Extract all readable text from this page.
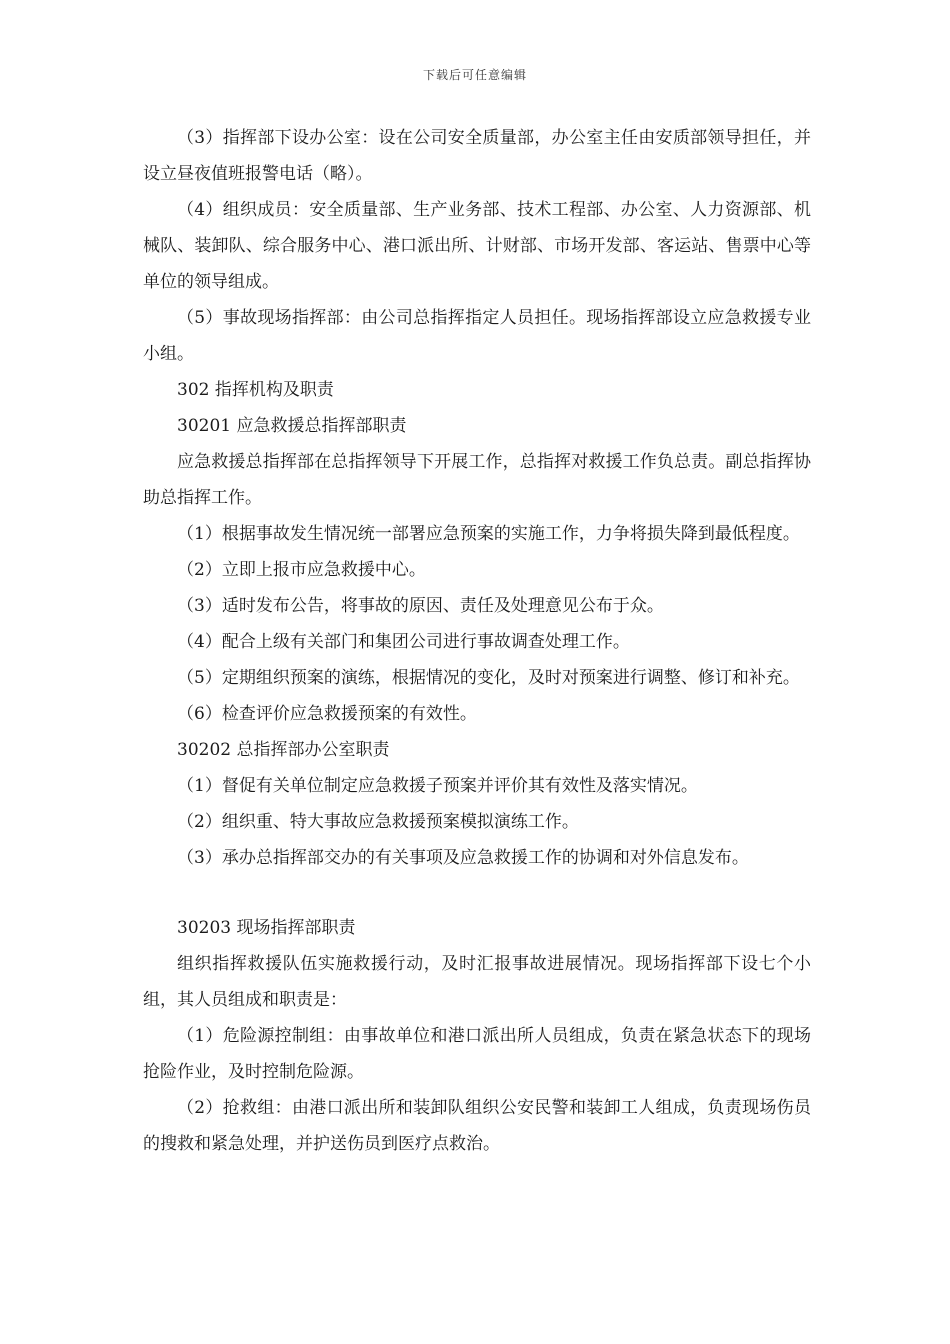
下载后可任意编辑

（3）指挥部下设办公室：设在公司安全质量部，办公室主任由安质部领导担任，并设立昼夜值班报警电话（略）。

（4）组织成员：安全质量部、生产业务部、技术工程部、办公室、人力资源部、机械队、装卸队、综合服务中心、港口派出所、计财部、市场开发部、客运站、售票中心等单位的领导组成。

（5）事故现场指挥部：由公司总指挥指定人员担任。现场指挥部设立应急救援专业小组。

302 指挥机构及职责

30201 应急救援总指挥部职责

应急救援总指挥部在总指挥领导下开展工作，总指挥对救援工作负总责。副总指挥协助总指挥工作。

（1）根据事故发生情况统一部署应急预案的实施工作，力争将损失降到最低程度。

（2）立即上报市应急救援中心。

（3）适时发布公告，将事故的原因、责任及处理意见公布于众。

（4）配合上级有关部门和集团公司进行事故调查处理工作。

（5）定期组织预案的演练，根据情况的变化，及时对预案进行调整、修订和补充。

（6）检查评价应急救援预案的有效性。

30202 总指挥部办公室职责

（1）督促有关单位制定应急救援子预案并评价其有效性及落实情况。

（2）组织重、特大事故应急救援预案模拟演练工作。

（3）承办总指挥部交办的有关事项及应急救援工作的协调和对外信息发布。

30203 现场指挥部职责

组织指挥救援队伍实施救援行动，及时汇报事故进展情况。现场指挥部下设七个小组，其人员组成和职责是：

（1）危险源控制组：由事故单位和港口派出所人员组成，负责在紧急状态下的现场抢险作业，及时控制危险源。

（2）抢救组：由港口派出所和装卸队组织公安民警和装卸工人组成，负责现场伤员的搜救和紧急处理，并护送伤员到医疗点救治。
